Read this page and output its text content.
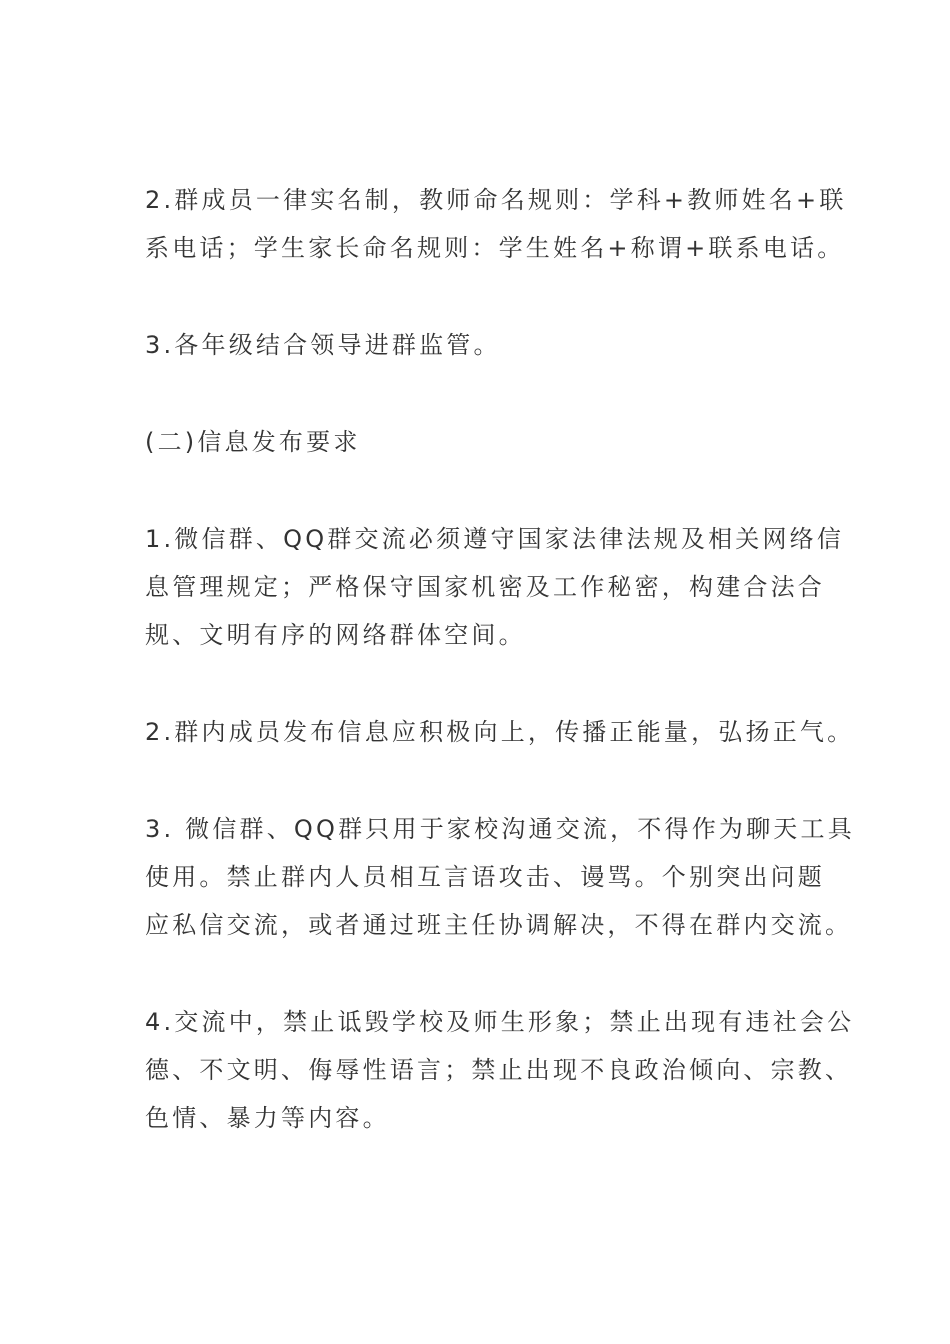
2.群成员一律实名制，教师命名规则：学科+教师姓名+联
系电话；学生家长命名规则：学生姓名+称谓+联系电话。

3.各年级结合领导进群监管。

(二)信息发布要求

1.微信群、QQ群交流必须遵守国家法律法规及相关网络信
息管理规定；严格保守国家机密及工作秘密，构建合法合
规、文明有序的网络群体空间。

2.群内成员发布信息应积极向上，传播正能量，弘扬正气。

3. 微信群、QQ群只用于家校沟通交流，不得作为聊天工具
使用。禁止群内人员相互言语攻击、谩骂。个别突出问题
应私信交流，或者通过班主任协调解决，不得在群内交流。

4.交流中，禁止诋毁学校及师生形象；禁止出现有违社会公
德、不文明、侮辱性语言；禁止出现不良政治倾向、宗教、
色情、暴力等内容。
